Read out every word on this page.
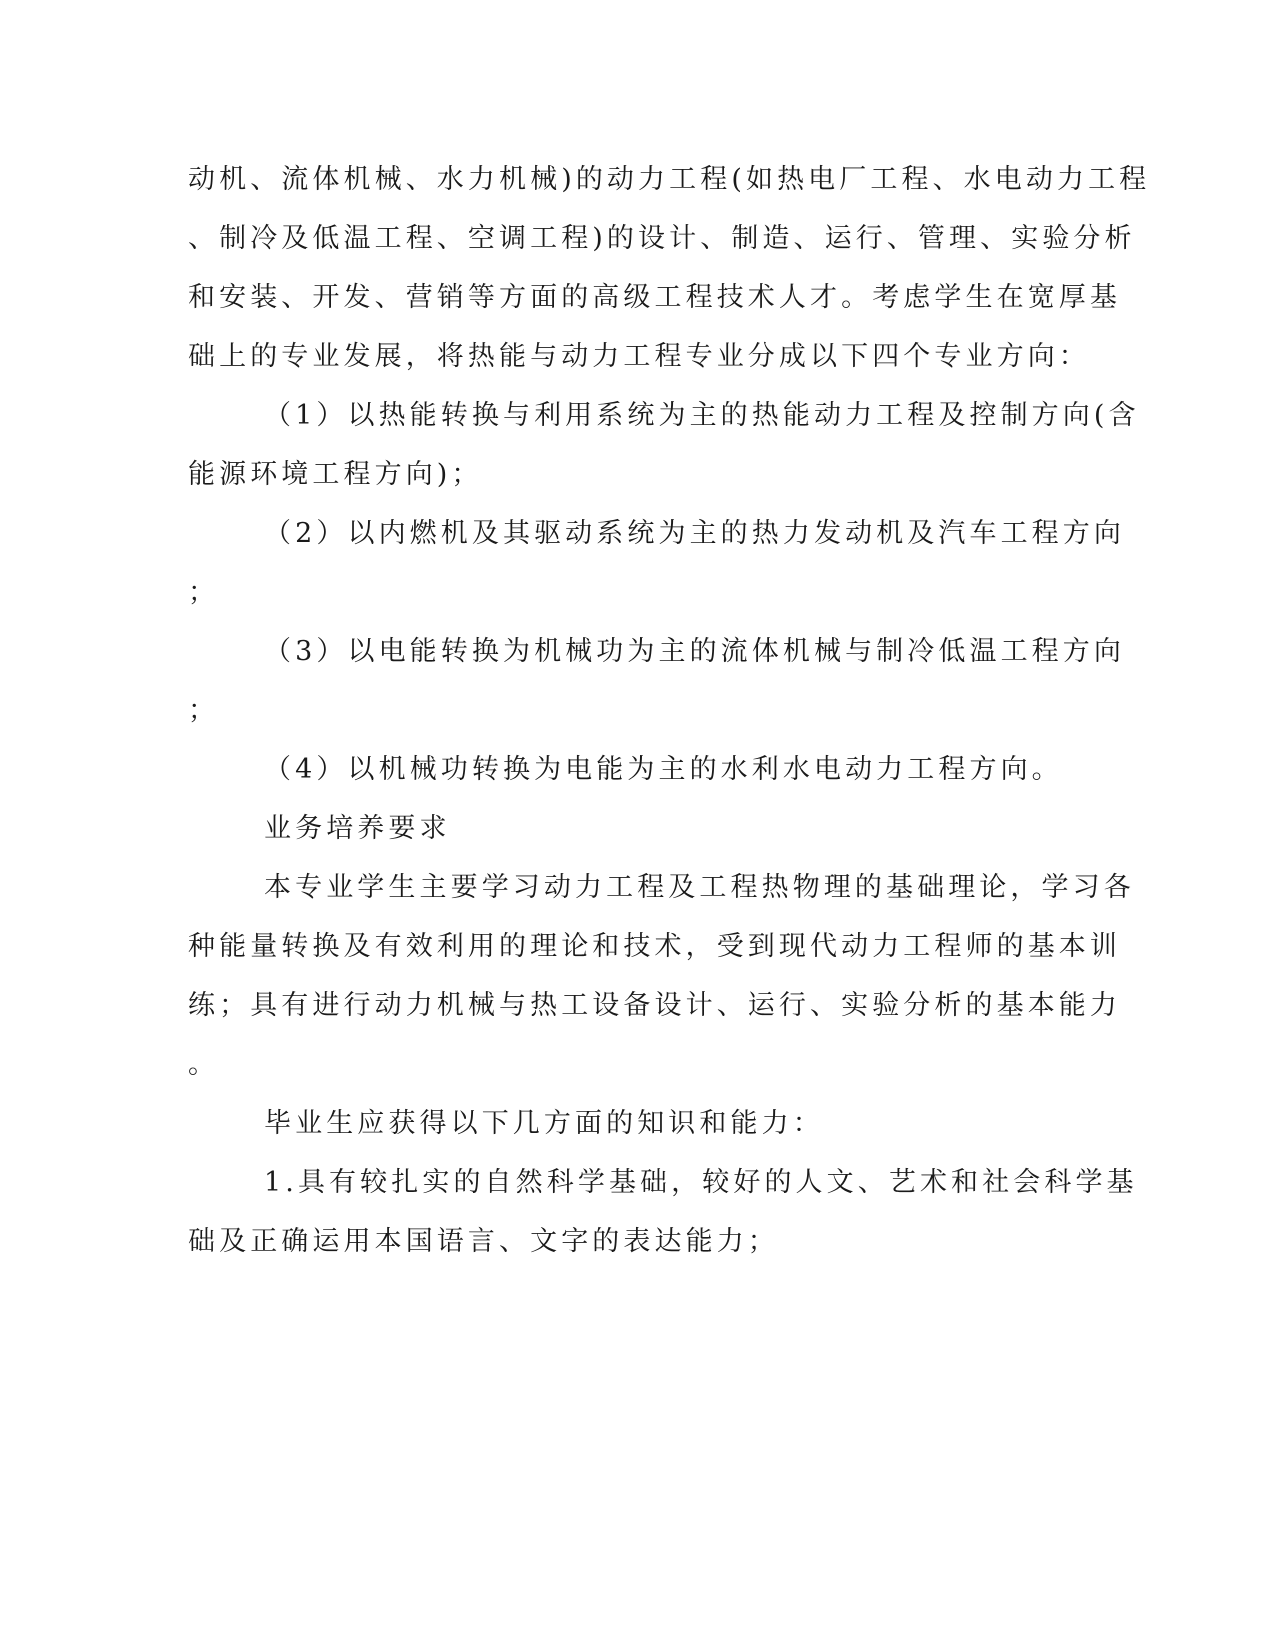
动机、流体机械、水力机械)的动力工程(如热电厂工程、水电动力工程
、制冷及低温工程、空调工程)的设计、制造、运行、管理、实验分析
和安装、开发、营销等方面的高级工程技术人才。考虑学生在宽厚基
础上的专业发展，将热能与动力工程专业分成以下四个专业方向：
（1）以热能转换与利用系统为主的热能动力工程及控制方向(含
能源环境工程方向)；
（2）以内燃机及其驱动系统为主的热力发动机及汽车工程方向
；
（3）以电能转换为机械功为主的流体机械与制冷低温工程方向
；
（4）以机械功转换为电能为主的水利水电动力工程方向。
业务培养要求
本专业学生主要学习动力工程及工程热物理的基础理论，学习各
种能量转换及有效利用的理论和技术，受到现代动力工程师的基本训
练；具有进行动力机械与热工设备设计、运行、实验分析的基本能力
。
毕业生应获得以下几方面的知识和能力：
1.具有较扎实的自然科学基础，较好的人文、艺术和社会科学基
础及正确运用本国语言、文字的表达能力；
